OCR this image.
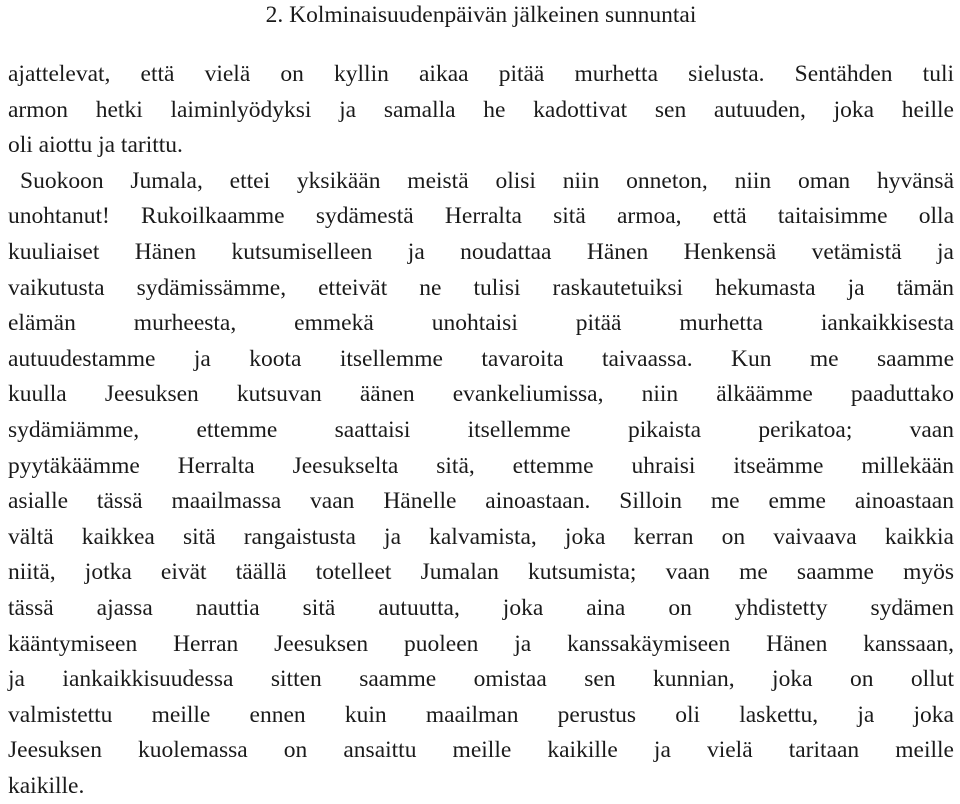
2. Kolminaisuudenpäivän jälkeinen sunnuntai
ajattelevat, että vielä on kyllin aikaa pitää murhetta sielusta. Sentähden tuli
armon hetki laiminlyödyksi ja samalla he kadottivat sen autuuden, joka heille
oli aiottu ja tarittu.
Suokoon Jumala, ettei yksikään meistä olisi niin onneton, niin oman hyvänsä
unohtanut! Rukoilkaamme sydämestä Herralta sitä armoa, että taitaisimme olla
kuuliaiset Hänen kutsumiselleen ja noudattaa Hänen Henkensä vetämistä ja
vaikutusta sydämissämme, etteivät ne tulisi raskautetuiksi hekumasta ja tämän
elämän murheesta, emmekä unohtaisi pitää murhetta iankaikkisesta
autuudestamme ja koota itsellemme tavaroita taivaassa. Kun me saamme
kuulla Jeesuksen kutsuvan äänen evankeliumissa, niin älkäämme paaduttako
sydämiämme, ettemme saattaisi itsellemme pikaista perikatoa; vaan
pyytäkäämme Herralta Jeesukselta sitä, ettemme uhraisi itseämme millekään
asialle tässä maailmassa vaan Hänelle ainoastaan. Silloin me emme ainoastaan
vältä kaikkea sitä rangaistusta ja kalvamista, joka kerran on vaivaava kaikkia
niitä, jotka eivät täällä totelleet Jumalan kutsumista; vaan me saamme myös
tässä ajassa nauttia sitä autuutta, joka aina on yhdistetty sydämen
kääntymiseen Herran Jeesuksen puoleen ja kanssakäymiseen Hänen kanssaan,
ja iankaikkisuudessa sitten saamme omistaa sen kunnian, joka on ollut
valmistettu meille ennen kuin maailman perustus oli laskettu, ja joka
Jeesuksen kuolemassa on ansaittu meille kaikille ja vielä taritaan meille
kaikille.
